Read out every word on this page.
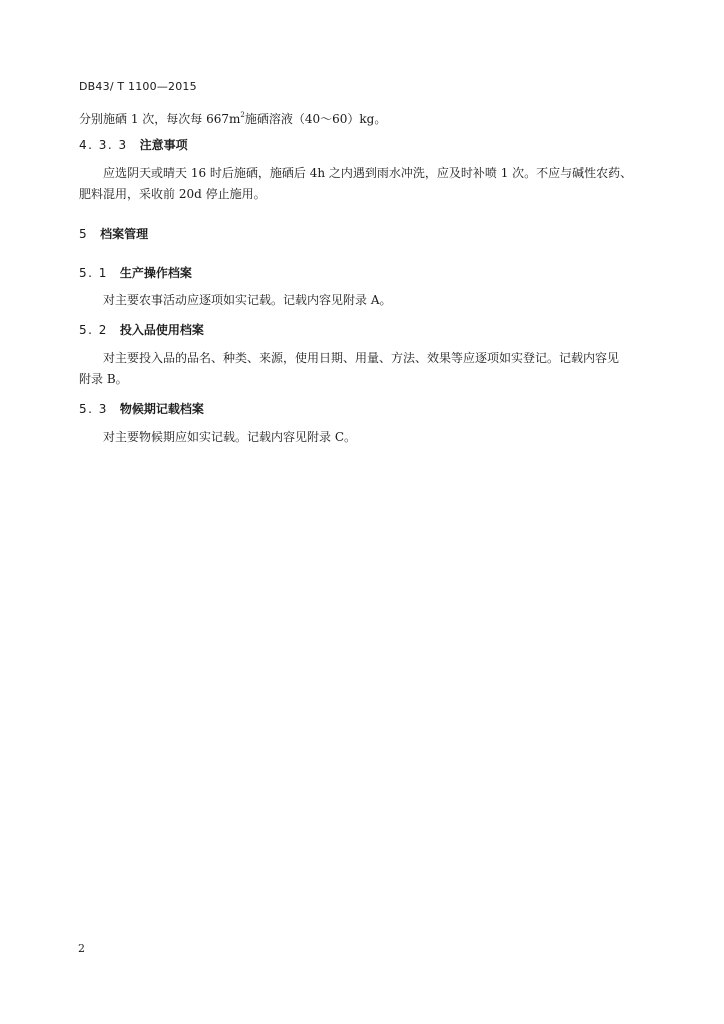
DB43/ T 1100—2015
分别施硒 1 次，每次每 $667m^2$施硒溶液（40～60）kg。
4. 3. 3 注意事项
应选阴天或晴天 16 时后施硒，施硒后 4h 之内遇到雨水冲洗，应及时补喷 1 次。不应与碱性农药、
肥料混用，采收前 20d 停止施用。
5 档案管理
5. 1 生产操作档案
对主要农事活动应逐项如实记载。记载内容见附录 A。
5. 2 投入品使用档案
对主要投入品的品名、种类、来源，使用日期、用量、方法、效果等应逐项如实登记。记载内容见
附录 B。
5. 3 物候期记载档案
对主要物候期应如实记载。记载内容见附录 C。
2
